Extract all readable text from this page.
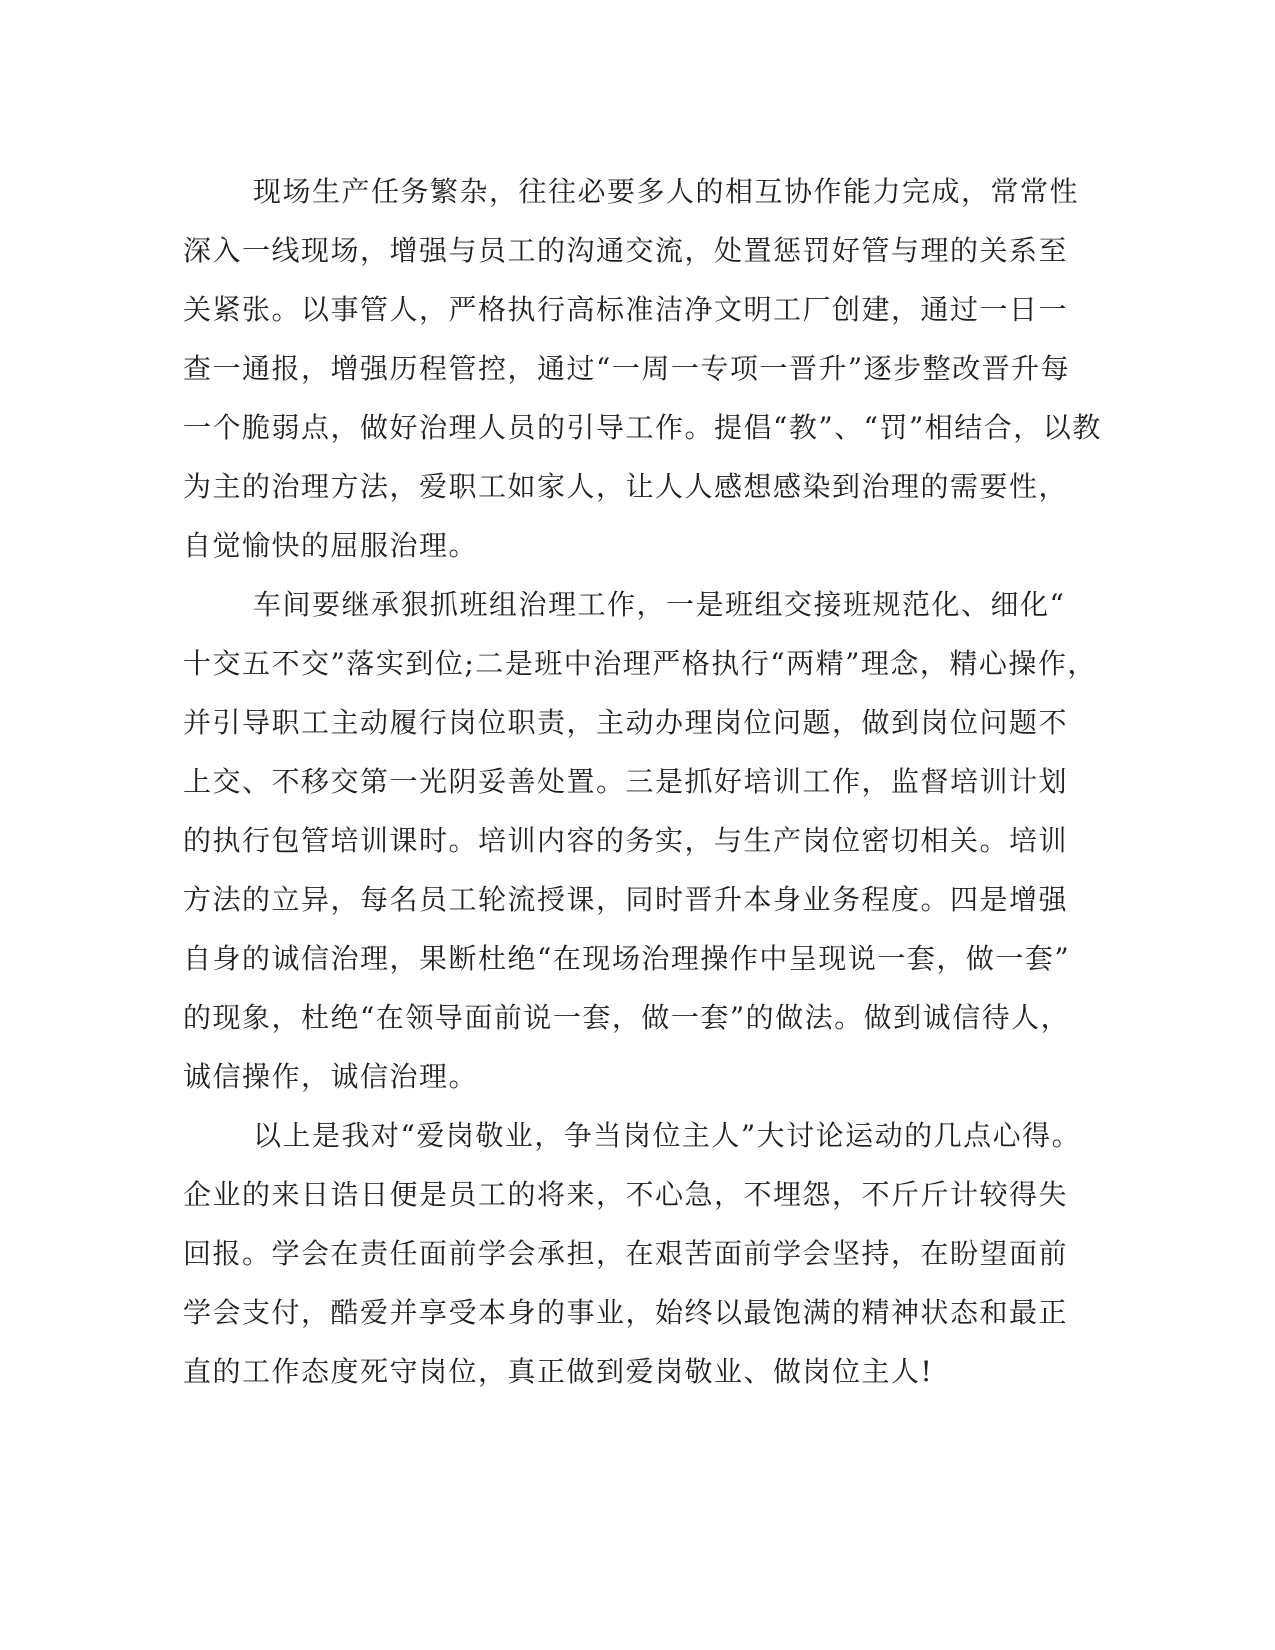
现场生产任务繁杂，往往必要多人的相互协作能力完成，常常性
深入一线现场，增强与员工的沟通交流，处置惩罚好管与理的关系至
关紧张。以事管人，严格执行高标准洁净文明工厂创建，通过一日一
查一通报，增强历程管控，通过“一周一专项一晋升”逐步整改晋升每
一个脆弱点，做好治理人员的引导工作。提倡“教”、“罚”相结合，以教
为主的治理方法，爱职工如家人，让人人感想感染到治理的需要性，
自觉愉快的屈服治理。
车间要继承狠抓班组治理工作，一是班组交接班规范化、细化“
十交五不交”落实到位;二是班中治理严格执行“两精”理念，精心操作，
并引导职工主动履行岗位职责，主动办理岗位问题，做到岗位问题不
上交、不移交第一光阴妥善处置。三是抓好培训工作，监督培训计划
的执行包管培训课时。培训内容的务实，与生产岗位密切相关。培训
方法的立异，每名员工轮流授课，同时晋升本身业务程度。四是增强
自身的诚信治理，果断杜绝“在现场治理操作中呈现说一套，做一套”
的现象，杜绝“在领导面前说一套，做一套”的做法。做到诚信待人，
诚信操作，诚信治理。
以上是我对“爱岗敬业，争当岗位主人”大讨论运动的几点心得。
企业的来日诰日便是员工的将来，不心急，不埋怨，不斤斤计较得失
回报。学会在责任面前学会承担，在艰苦面前学会坚持，在盼望面前
学会支付，酷爱并享受本身的事业，始终以最饱满的精神状态和最正
直的工作态度死守岗位，真正做到爱岗敬业、做岗位主人!
